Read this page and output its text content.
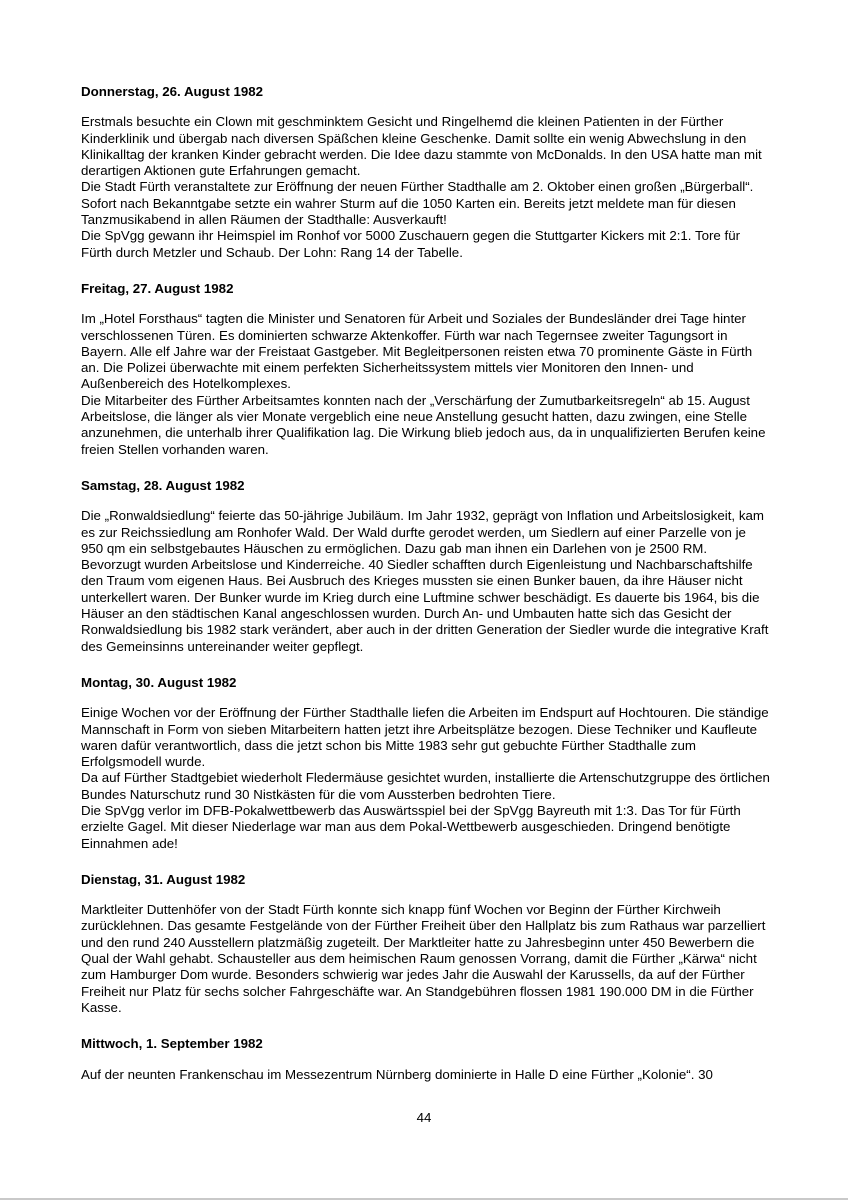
Donnerstag, 26. August 1982

Erstmals besuchte ein Clown mit geschminktem Gesicht und Ringelhemd die kleinen Patienten in der Fürther Kinderklinik und übergab nach diversen Späßchen kleine Geschenke. Damit sollte ein wenig Abwechslung in den Klinikalltag der kranken Kinder gebracht werden. Die Idee dazu stammte von McDonalds. In den USA hatte man mit derartigen Aktionen gute Erfahrungen gemacht.

Die Stadt Fürth veranstaltete zur Eröffnung der neuen Fürther Stadthalle am 2. Oktober einen großen „Bürgerball“. Sofort nach Bekanntgabe setzte ein wahrer Sturm auf die 1050 Karten ein. Bereits jetzt meldete man für diesen Tanzmusikabend in allen Räumen der Stadthalle: Ausverkauft!

Die SpVgg gewann ihr Heimspiel im Ronhof vor 5000 Zuschauern gegen die Stuttgarter Kickers mit 2:1. Tore für Fürth durch Metzler und Schaub. Der Lohn: Rang 14 der Tabelle.

Freitag, 27. August 1982

Im „Hotel Forsthaus“ tagten die Minister und Senatoren für Arbeit und Soziales der Bundesländer drei Tage hinter verschlossenen Türen. Es dominierten schwarze Aktenkoffer. Fürth war nach Tegernsee zweiter Tagungsort in Bayern. Alle elf Jahre war der Freistaat Gastgeber. Mit Begleitpersonen reisten etwa 70 prominente Gäste in Fürth an. Die Polizei überwachte mit einem perfekten Sicherheitssystem mittels vier Monitoren den Innen- und Außenbereich des Hotelkomplexes.

Die Mitarbeiter des Fürther Arbeitsamtes konnten nach der „Verschärfung der Zumutbarkeitsregeln“ ab 15. August Arbeitslose, die länger als vier Monate vergeblich eine neue Anstellung gesucht hatten, dazu zwingen, eine Stelle anzunehmen, die unterhalb ihrer Qualifikation lag. Die Wirkung blieb jedoch aus, da in unqualifizierten Berufen keine freien Stellen vorhanden waren.

Samstag, 28. August 1982

Die „Ronwaldsiedlung“ feierte das 50-jährige Jubiläum. Im Jahr 1932, geprägt von Inflation und Arbeitslosigkeit, kam es zur Reichssiedlung am Ronhofer Wald. Der Wald durfte gerodet werden, um Siedlern auf einer Parzelle von je 950 qm ein selbstgebautes Häuschen zu ermöglichen. Dazu gab man ihnen ein Darlehen von je 2500 RM. Bevorzugt wurden Arbeitslose und Kinderreiche. 40 Siedler schafften durch Eigenleistung und Nachbarschaftshilfe den Traum vom eigenen Haus. Bei Ausbruch des Krieges mussten sie einen Bunker bauen, da ihre Häuser nicht unterkellert waren. Der Bunker wurde im Krieg durch eine Luftmine schwer beschädigt. Es dauerte bis 1964, bis die Häuser an den städtischen Kanal angeschlossen wurden. Durch An- und Umbauten hatte sich das Gesicht der Ronwaldsiedlung bis 1982 stark verändert, aber auch in der dritten Generation der Siedler wurde die integrative Kraft des Gemeinsinns untereinander weiter gepflegt.

Montag, 30. August 1982

Einige Wochen vor der Eröffnung der Fürther Stadthalle liefen die Arbeiten im Endspurt auf Hochtouren. Die ständige Mannschaft in Form von sieben Mitarbeitern hatten jetzt ihre Arbeitsplätze bezogen. Diese Techniker und Kaufleute waren dafür verantwortlich, dass die jetzt schon bis Mitte 1983 sehr gut gebuchte Fürther Stadthalle zum Erfolgsmodell wurde.

Da auf Fürther Stadtgebiet wiederholt Fledermäuse gesichtet wurden, installierte die Artenschutzgruppe des örtlichen Bundes Naturschutz rund 30 Nistkästen für die vom Aussterben bedrohten Tiere.

Die SpVgg verlor im DFB-Pokalwettbewerb das Auswärtsspiel bei der SpVgg Bayreuth mit 1:3. Das Tor für Fürth erzielte Gagel. Mit dieser Niederlage war man aus dem Pokal-Wettbewerb ausgeschieden. Dringend benötigte Einnahmen ade!

Dienstag, 31. August 1982

Marktleiter Duttenhöfer von der Stadt Fürth konnte sich knapp fünf Wochen vor Beginn der Fürther Kirchweih zurücklehnen. Das gesamte Festgelände von der Fürther Freiheit über den Hallplatz bis zum Rathaus war parzelliert und den rund 240 Ausstellern platzmäßig zugeteilt. Der Marktleiter hatte zu Jahresbeginn unter 450 Bewerbern die Qual der Wahl gehabt. Schausteller aus dem heimischen Raum genossen Vorrang, damit die Fürther „Kärwa“ nicht zum Hamburger Dom wurde. Besonders schwierig war jedes Jahr die Auswahl der Karussells, da auf der Fürther Freiheit nur Platz für sechs solcher Fahrgeschäfte war. An Standgebühren flossen 1981 190.000 DM in die Fürther Kasse.

Mittwoch, 1. September 1982

Auf der neunten Frankenschau im Messezentrum Nürnberg dominierte in Halle D eine Fürther „Kolonie“. 30

44
